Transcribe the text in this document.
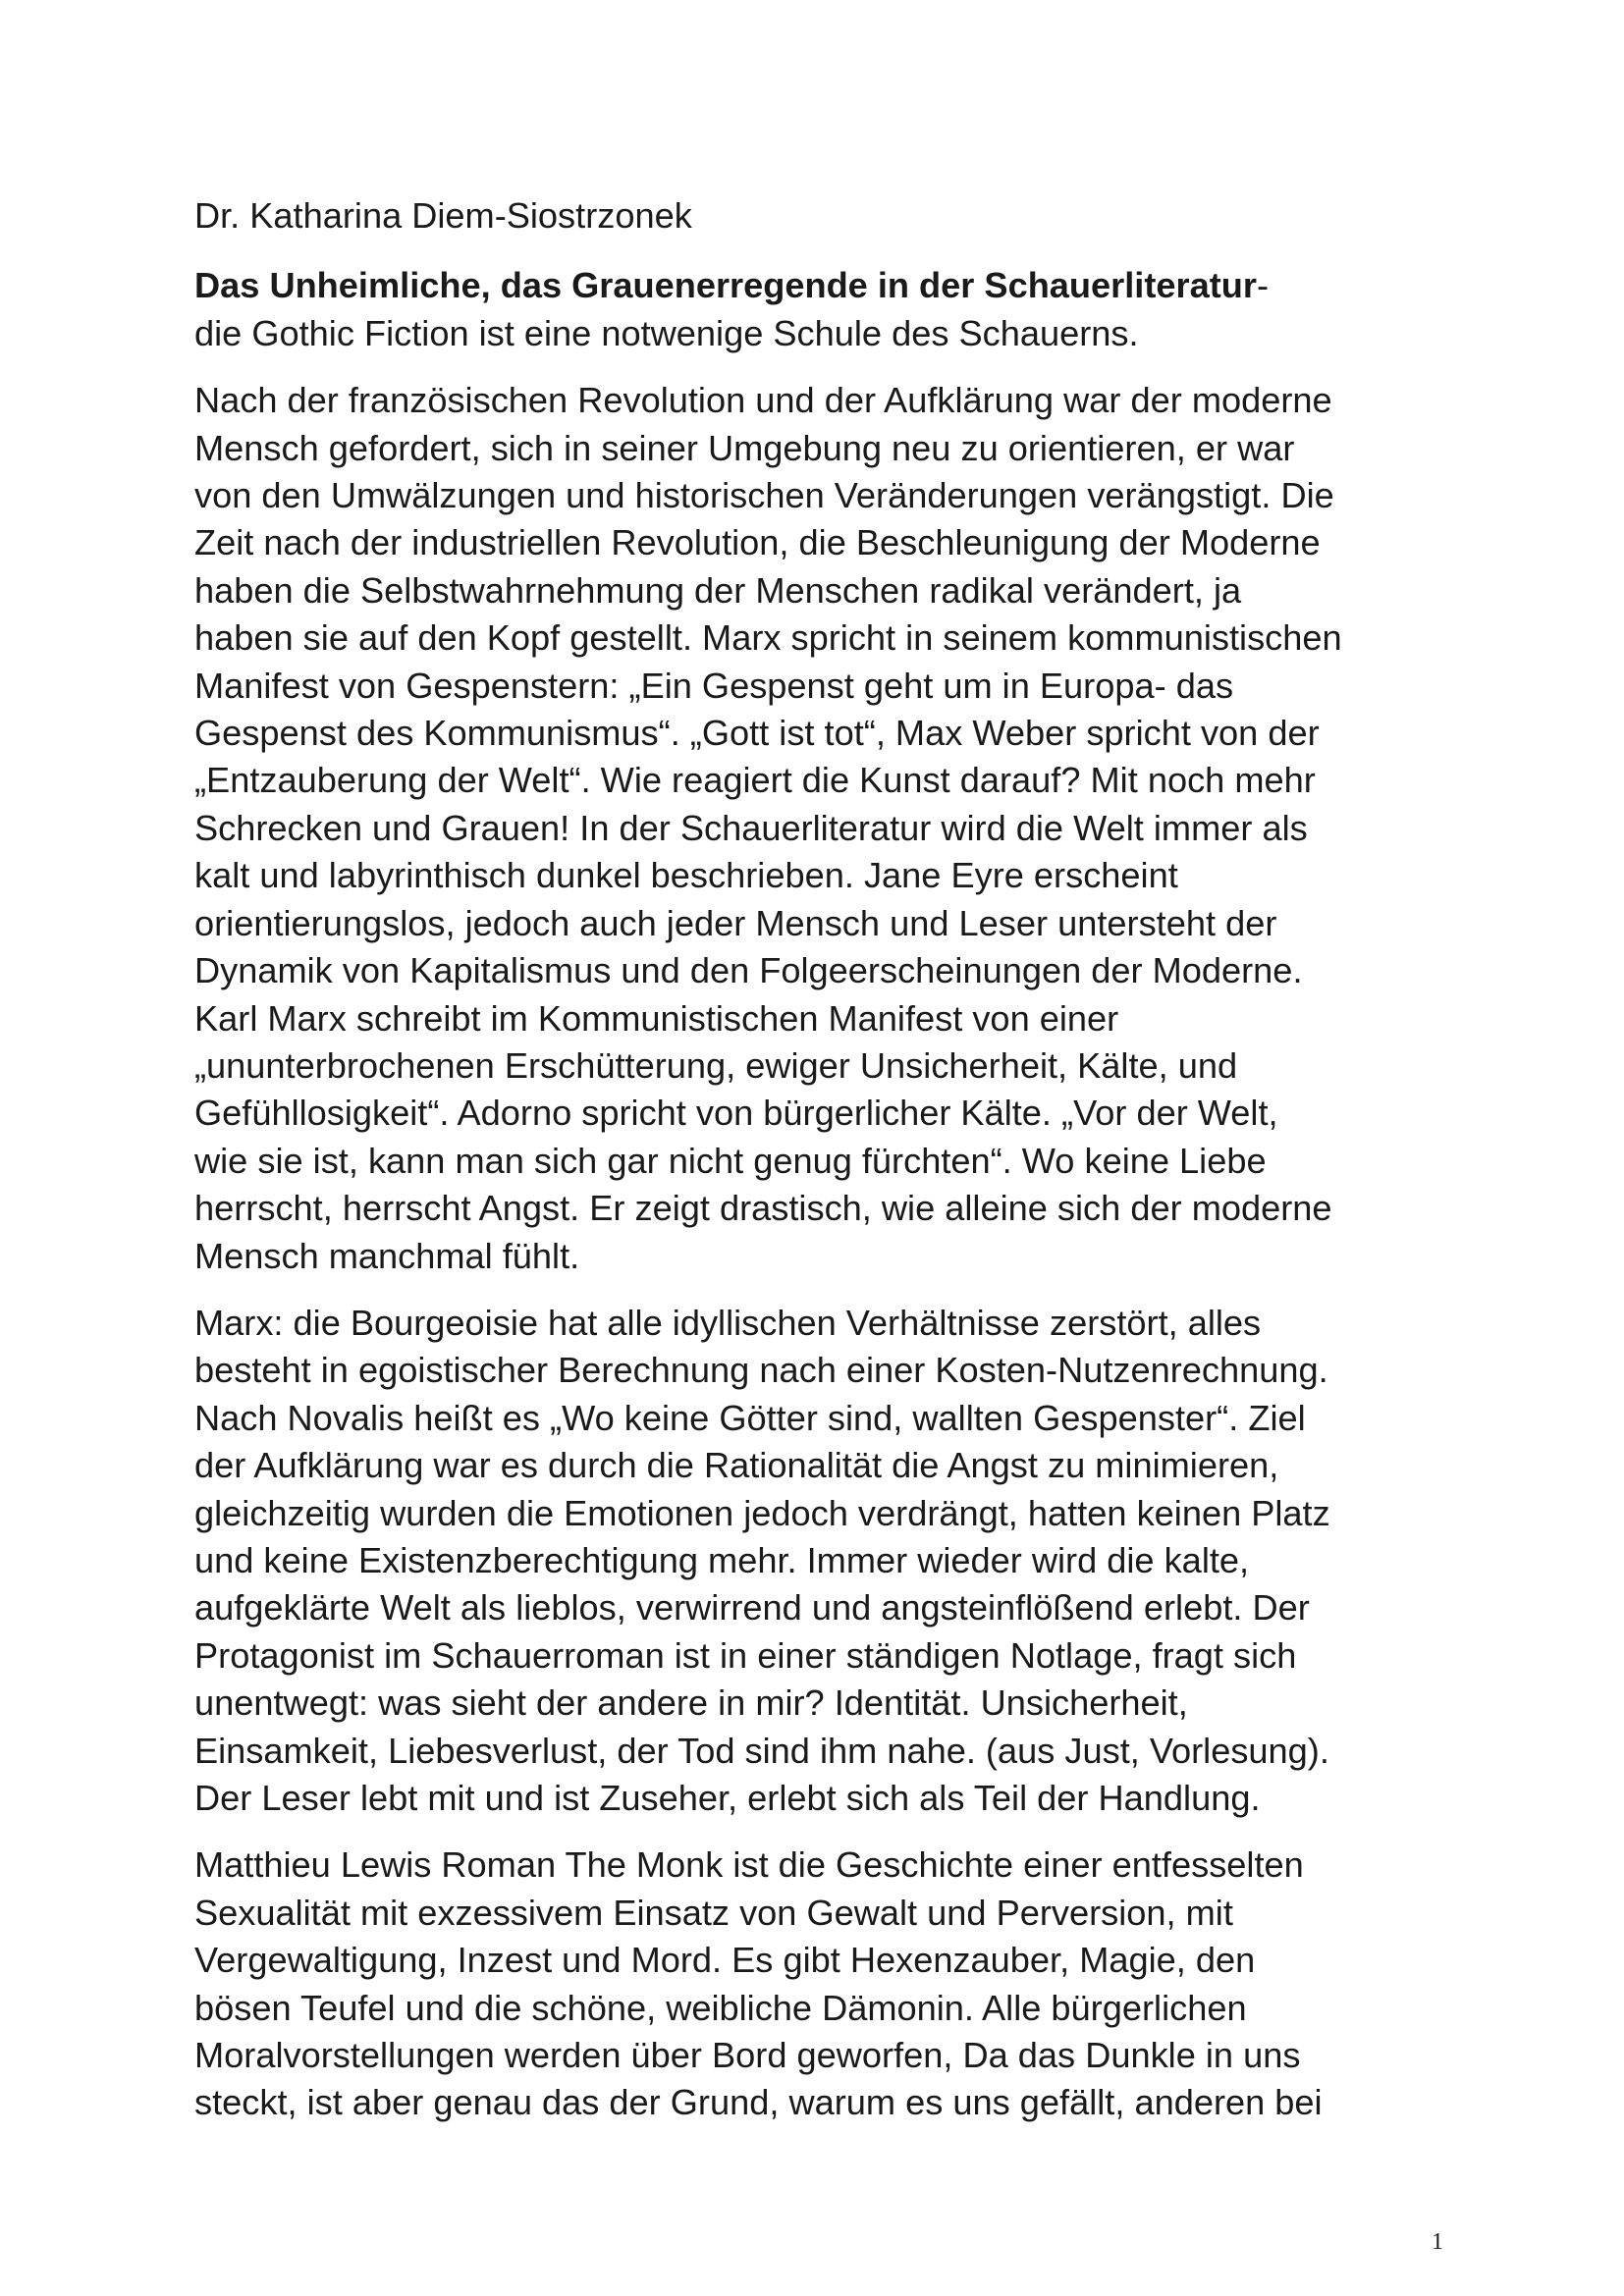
Dr. Katharina Diem-Siostrzonek

Das Unheimliche, das Grauenerregende in der Schauerliteratur-
die Gothic Fiction ist eine notwenige Schule des Schauerns.

Nach der französischen Revolution und der Aufklärung war der moderne
Mensch gefordert, sich in seiner Umgebung neu zu orientieren, er war
von den Umwälzungen und historischen Veränderungen verängstigt. Die
Zeit nach der industriellen Revolution, die Beschleunigung der Moderne
haben die Selbstwahrnehmung der Menschen radikal verändert, ja
haben sie auf den Kopf gestellt. Marx spricht in seinem kommunistischen
Manifest von Gespenstern: „Ein Gespenst geht um in Europa- das
Gespenst des Kommunismus“. „Gott ist tot“, Max Weber spricht von der
„Entzauberung der Welt“. Wie reagiert die Kunst darauf? Mit noch mehr
Schrecken und Grauen! In der Schauerliteratur wird die Welt immer als
kalt und labyrinthisch dunkel beschrieben. Jane Eyre erscheint
orientierungslos, jedoch auch jeder Mensch und Leser untersteht der
Dynamik von Kapitalismus und den Folgeerscheinungen der Moderne.
Karl Marx schreibt im Kommunistischen Manifest von einer
„ununterbrochenen Erschütterung, ewiger Unsicherheit, Kälte, und
Gefühllosigkeit“. Adorno spricht von bürgerlicher Kälte. „Vor der Welt,
wie sie ist, kann man sich gar nicht genug fürchten“. Wo keine Liebe
herrscht, herrscht Angst. Er zeigt drastisch, wie alleine sich der moderne
Mensch manchmal fühlt.

Marx: die Bourgeoisie hat alle idyllischen Verhältnisse zerstört, alles
besteht in egoistischer Berechnung nach einer Kosten-Nutzenrechnung.
Nach Novalis heißt es „Wo keine Götter sind, wallten Gespenster“. Ziel
der Aufklärung war es durch die Rationalität die Angst zu minimieren,
gleichzeitig wurden die Emotionen jedoch verdrängt, hatten keinen Platz
und keine Existenzberechtigung mehr. Immer wieder wird die kalte,
aufgeklärte Welt als lieblos, verwirrend und angsteinflößend erlebt. Der
Protagonist im Schauerroman ist in einer ständigen Notlage, fragt sich
unentwegt: was sieht der andere in mir? Identität. Unsicherheit,
Einsamkeit, Liebesverlust, der Tod sind ihm nahe. (aus Just, Vorlesung).
Der Leser lebt mit und ist Zuseher, erlebt sich als Teil der Handlung.

Matthieu Lewis Roman The Monk ist die Geschichte einer entfesselten
Sexualität mit exzessivem Einsatz von Gewalt und Perversion, mit
Vergewaltigung, Inzest und Mord. Es gibt Hexenzauber, Magie, den
bösen Teufel und die schöne, weibliche Dämonin. Alle bürgerlichen
Moralvorstellungen werden über Bord geworfen, Da das Dunkle in uns
steckt, ist aber genau das der Grund, warum es uns gefällt, anderen bei

1
